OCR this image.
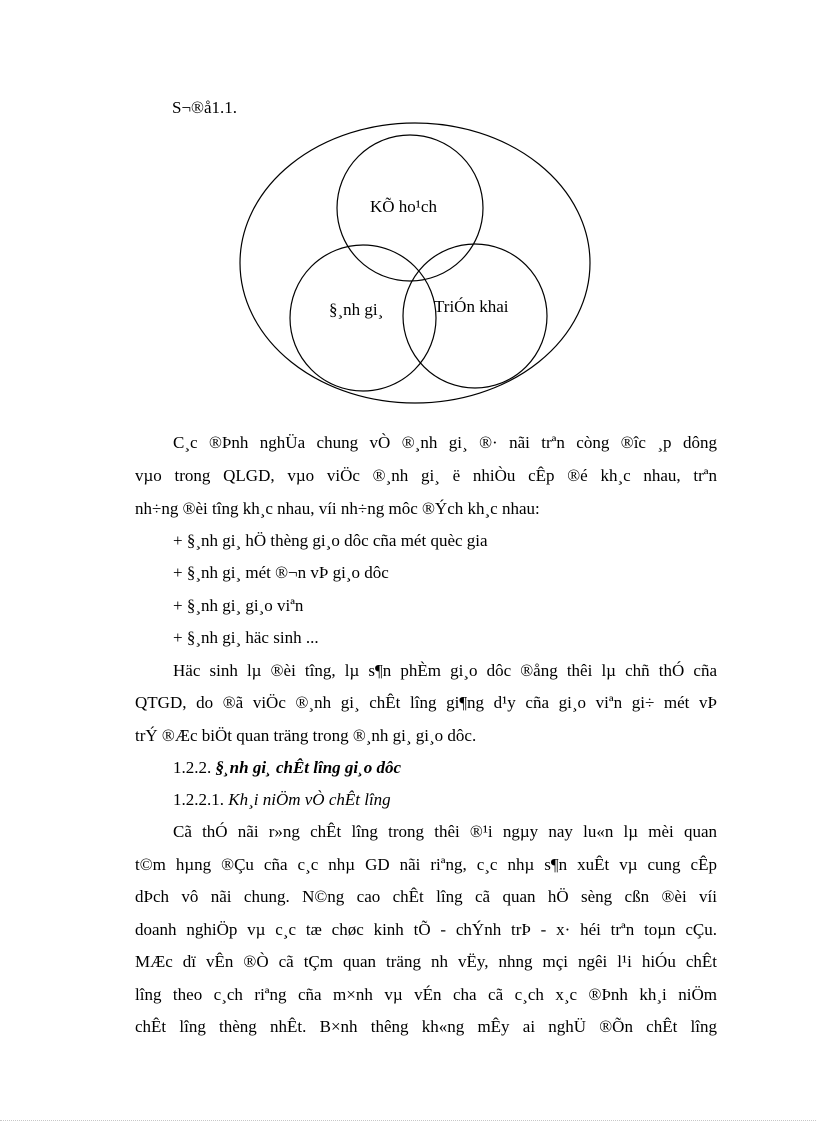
S¬®å1.1.
KÕ ho¹ch
§¸nh gi¸	TriÓn khai
C¸c ®Þnh nghÜa chung vÒ ®¸nh gi¸ ®· nãi trªn còng ®îc ¸p dông
vµo trong QLGD, vµo viÖc ®¸nh gi¸ ë nhiÒu cÊp ®é kh¸c nhau, trªn
nh÷ng ®èi tîng kh¸c nhau, víi nh÷ng môc ®Ých kh¸c nhau:
+ §¸nh gi¸ hÖ thèng gi¸o dôc cña mét quèc gia
+ §¸nh gi¸ mét ®¬n vÞ gi¸o dôc
+ §¸nh gi¸ gi¸o viªn
+ §¸nh gi¸ häc sinh ...
Häc sinh lµ ®èi tîng, lµ s¶n phÈm gi¸o dôc ®ång thêi lµ chñ thÓ cña
QTGD, do ®ã viÖc ®¸nh gi¸ chÊt lîng gi¶ng d¹y cña gi¸o viªn gi÷ mét vÞ
trÝ ®Æc biÖt quan träng trong ®¸nh gi¸ gi¸o dôc.
1.2.2. §¸nh gi¸ chÊt lîng gi¸o dôc
1.2.2.1. Kh¸i niÖm vÒ chÊt lîng
Cã thÓ nãi r»ng chÊt lîng trong thêi ®¹i ngµy nay lu«n lµ mèi quan
t©m hµng ®Çu cña c¸c nhµ GD nãi riªng, c¸c nhµ s¶n xuÊt vµ cung cÊp
dÞch vô nãi chung. N©ng cao chÊt lîng cã quan hÖ sèng cßn ®èi víi
doanh nghiÖp vµ c¸c tæ chøc kinh tÕ - chÝnh trÞ - x· héi trªn toµn cÇu.
MÆc dï vÊn ®Ò cã tÇm quan träng nh vËy, nhng mçi ngêi l¹i hiÓu chÊt
lîng theo c¸ch riªng cña m×nh vµ vÉn cha cã c¸ch x¸c ®Þnh kh¸i niÖm
chÊt lîng thèng nhÊt. B×nh thêng kh«ng mÊy ai nghÜ ®Õn chÊt lîng
